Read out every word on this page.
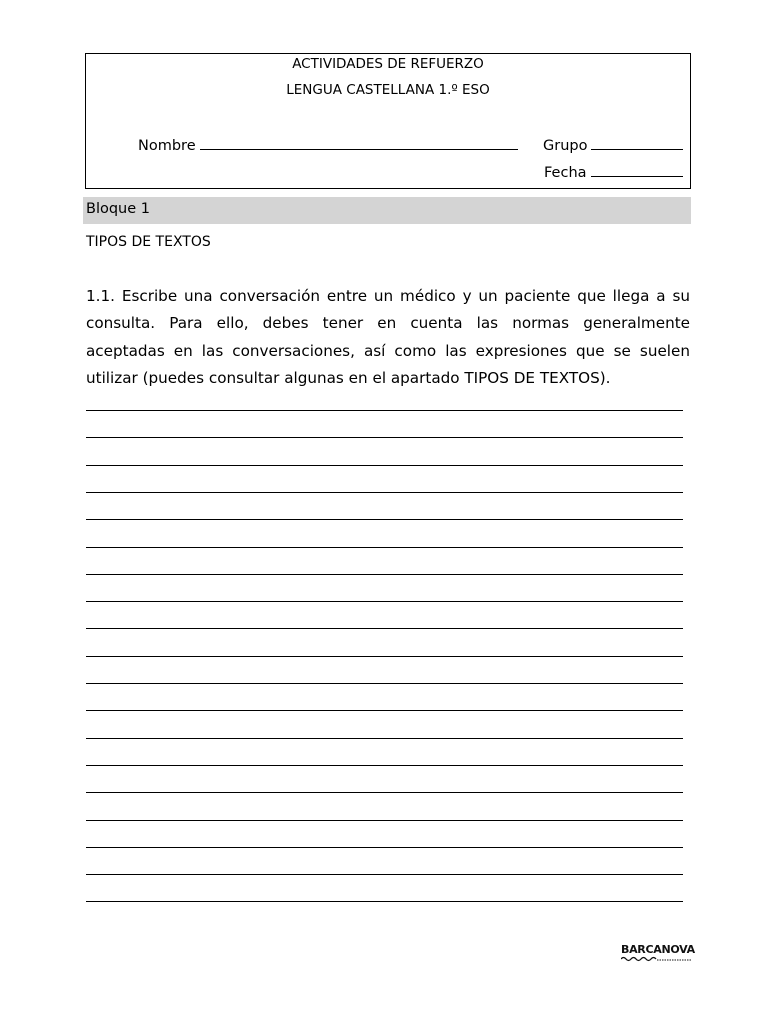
ACTIVIDADES DE REFUERZO
LENGUA CASTELLANA 1.º ESO
Nombre	Grupo
Fecha
Bloque 1
TIPOS DE TEXTOS

1.1. Escribe una conversación entre un médico y un paciente que llega a su consulta. Para ello, debes tener en cuenta las normas generalmente aceptadas en las conversaciones, así como las expresiones que se suelen utilizar (puedes consultar algunas en el apartado TIPOS DE TEXTOS).

BARCANOVA
